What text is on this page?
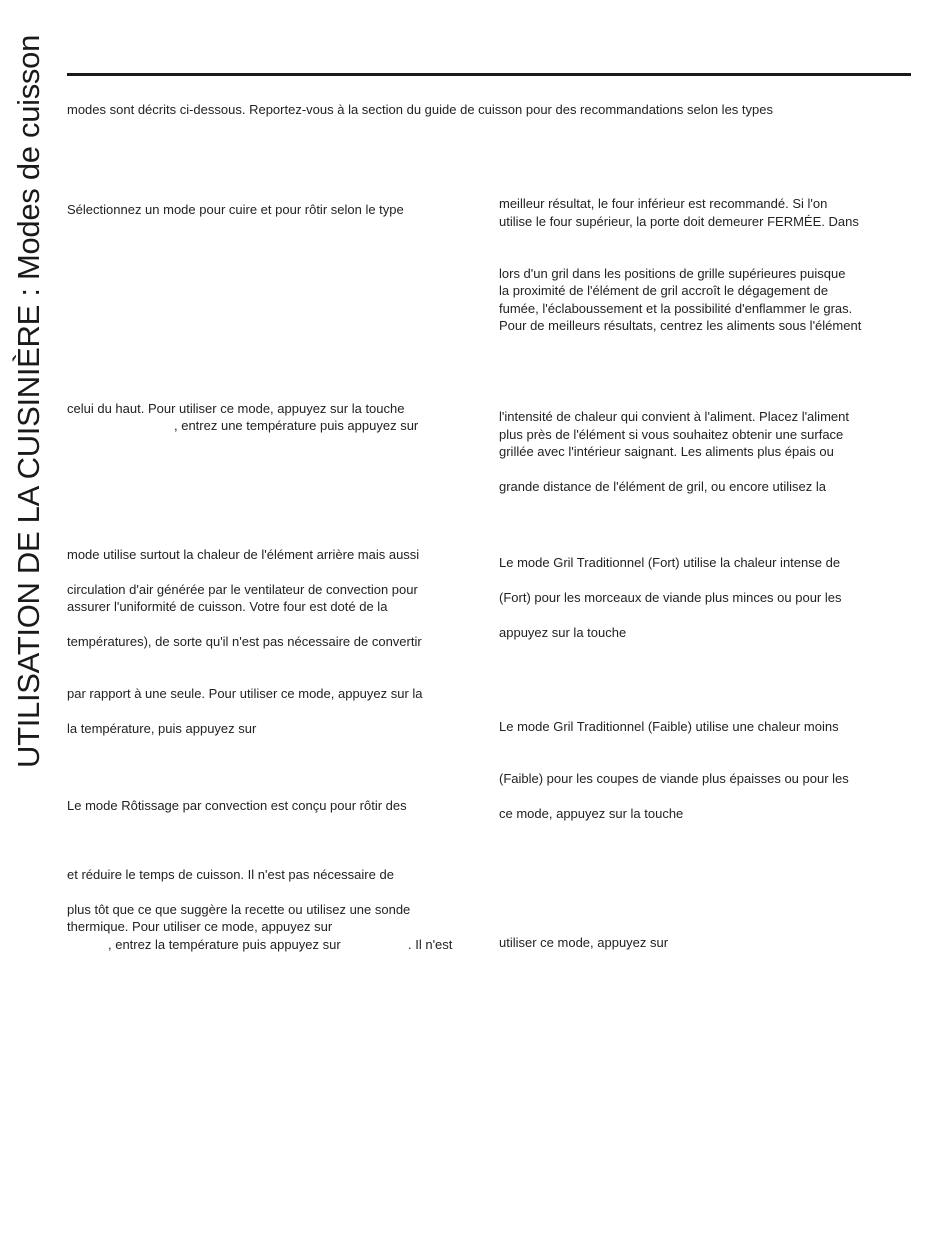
UTILISATION DE LA CUISINIÈRE : Modes de cuisson modes sont décrits ci-dessous. Reportez-vous à la section du guide de cuisson pour des recommandations selon les types
Sélectionnez un mode pour cuire et pour rôtir selon le type
celui du haut. Pour utiliser ce mode, appuyez sur la touche
, entrez une température puis appuyez sur
mode utilise surtout la chaleur de l'élément arrière mais aussi
circulation d'air générée par le ventilateur de convection pour
assurer l'uniformité de cuisson. Votre four est doté de la
températures), de sorte qu'il n'est pas nécessaire de convertir
par rapport à une seule. Pour utiliser ce mode, appuyez sur la
la température, puis appuyez sur
Le mode Rôtissage par convection est conçu pour rôtir des
et réduire le temps de cuisson. Il n'est pas nécessaire de
plus tôt que ce que suggère la recette ou utilisez une sonde
thermique. Pour utiliser ce mode, appuyez sur
, entrez la température puis appuyez sur	. Il n'est
meilleur résultat, le four inférieur est recommandé. Si l'on
utilise le four supérieur, la porte doit demeurer FERMÉE. Dans
lors d'un gril dans les positions de grille supérieures puisque
la proximité de l'élément de gril accroît le dégagement de
fumée, l'éclaboussement et la possibilité d'enflammer le gras.
Pour de meilleurs résultats, centrez les aliments sous l'élément
l'intensité de chaleur qui convient à l'aliment. Placez l'aliment
plus près de l'élément si vous souhaitez obtenir une surface
grillée avec l'intérieur saignant. Les aliments plus épais ou
grande distance de l'élément de gril, ou encore utilisez la
Le mode Gril Traditionnel (Fort) utilise la chaleur intense de
(Fort) pour les morceaux de viande plus minces ou pour les
appuyez sur la touche
Le mode Gril Traditionnel (Faible) utilise une chaleur moins
(Faible) pour les coupes de viande plus épaisses ou pour les
ce mode, appuyez sur la touche
utiliser ce mode, appuyez sur
